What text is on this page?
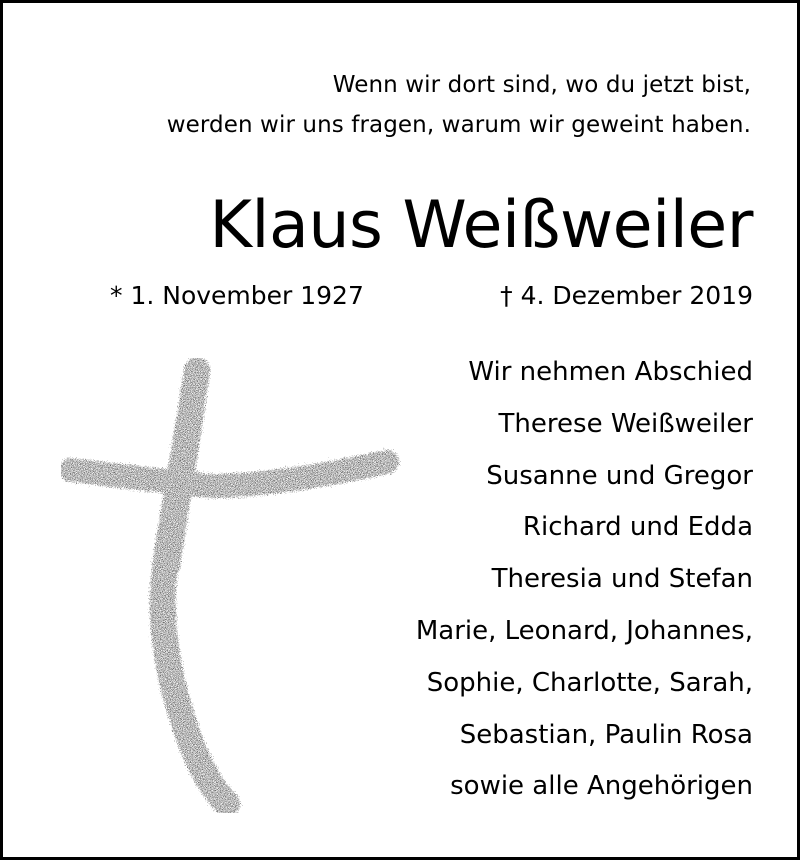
Wenn wir dort sind, wo du jetzt bist,
werden wir uns fragen, warum wir geweint haben.
Klaus Weißweiler
* 1. November 1927	† 4. Dezember 2019
Wir nehmen Abschied
Therese Weißweiler
Susanne und Gregor
Richard und Edda
Theresia und Stefan
Marie, Leonard, Johannes,
Sophie, Charlotte, Sarah,
Sebastian, Paulin Rosa
sowie alle Angehörigen
